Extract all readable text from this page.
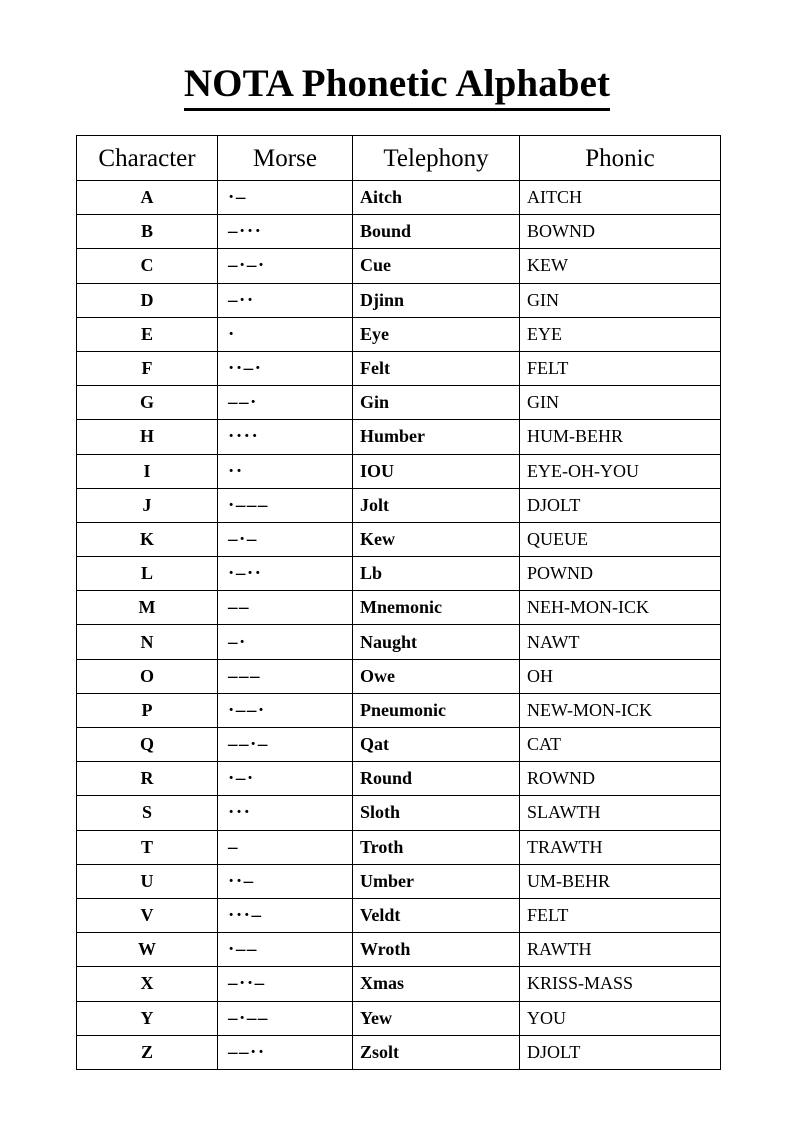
NOTA Phonetic Alphabet
Character	Morse	Telephony	Phonic
A	·–	Aitch	AITCH
B	–···	Bound	BOWND
C	–·–·	Cue	KEW
D	–··	Djinn	GIN
E	·	Eye	EYE
F	··–·	Felt	FELT
G	––·	Gin	GIN
H	····	Humber	HUM-BEHR
I	··	IOU	EYE-OH-YOU
J	·–––	Jolt	DJOLT
K	–·–	Kew	QUEUE
L	·–··	Lb	POWND
M	––	Mnemonic	NEH-MON-ICK
N	–·	Naught	NAWT
O	–––	Owe	OH
P	·––·	Pneumonic	NEW-MON-ICK
Q	––·–	Qat	CAT
R	·–·	Round	ROWND
S	···	Sloth	SLAWTH
T	–	Troth	TRAWTH
U	··–	Umber	UM-BEHR
V	···–	Veldt	FELT
W	·––	Wroth	RAWTH
X	–··–	Xmas	KRISS-MASS
Y	–·––	Yew	YOU
Z	––··	Zsolt	DJOLT
